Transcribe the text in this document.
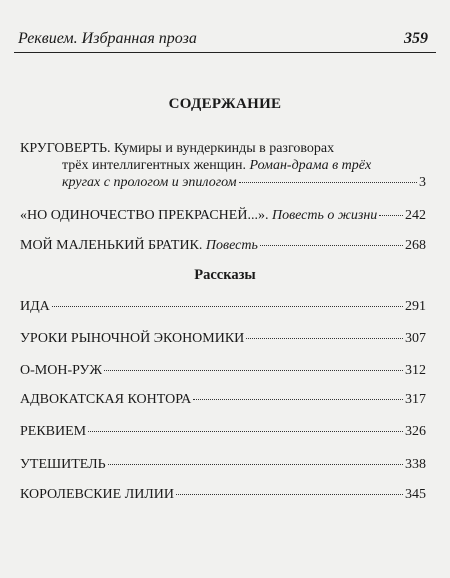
Реквием. Избранная проза	359
СОДЕРЖАНИЕ
КРУГОВЕРТЬ. Кумиры и вундеркинды в разговорах
трёх интеллигентных женщин. Роман-драма в трёх
кругах с прологом и эпилогом	3
«НО ОДИНОЧЕСТВО ПРЕКРАСНЕЙ...». Повесть о жизни 242
МОЙ МАЛЕНЬКИЙ БРАТИК. Повесть	268
Рассказы
ИДА	291
УРОКИ РЫНОЧНОЙ ЭКОНОМИКИ	307
О-МОН-РУЖ	312
АДВОКАТСКАЯ КОНТОРА	317
РЕКВИЕМ	326
УТЕШИТЕЛЬ	338
КОРОЛЕВСКИЕ ЛИЛИИ	345
